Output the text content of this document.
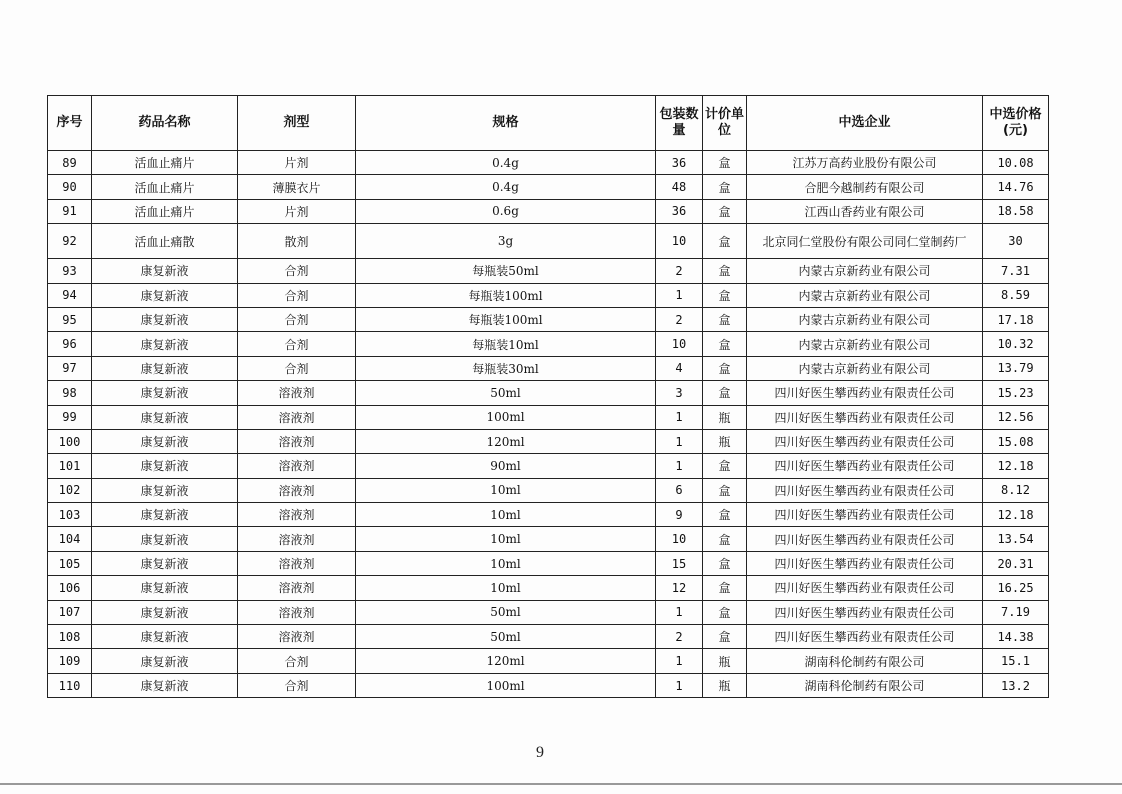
序号	药品名称	剂型	规格	包装数量	计价单位	中选企业	中选价格(元)

89	活血止痛片	片剂	0.4g	36	盒	江苏万高药业股份有限公司	10.08
90	活血止痛片	薄膜衣片	0.4g	48	盒	合肥今越制药有限公司	14.76
91	活血止痛片	片剂	0.6g	36	盒	江西山香药业有限公司	18.58
92	活血止痛散	散剂	3g	10	盒	北京同仁堂股份有限公司同仁堂制药厂	30
93	康复新液	合剂	每瓶装50ml	2	盒	内蒙古京新药业有限公司	7.31
94	康复新液	合剂	每瓶装100ml	1	盒	内蒙古京新药业有限公司	8.59
95	康复新液	合剂	每瓶装100ml	2	盒	内蒙古京新药业有限公司	17.18
96	康复新液	合剂	每瓶装10ml	10	盒	内蒙古京新药业有限公司	10.32
97	康复新液	合剂	每瓶装30ml	4	盒	内蒙古京新药业有限公司	13.79
98	康复新液	溶液剂	50ml	3	盒	四川好医生攀西药业有限责任公司	15.23
99	康复新液	溶液剂	100ml	1	瓶	四川好医生攀西药业有限责任公司	12.56
100	康复新液	溶液剂	120ml	1	瓶	四川好医生攀西药业有限责任公司	15.08
101	康复新液	溶液剂	90ml	1	盒	四川好医生攀西药业有限责任公司	12.18
102	康复新液	溶液剂	10ml	6	盒	四川好医生攀西药业有限责任公司	8.12
103	康复新液	溶液剂	10ml	9	盒	四川好医生攀西药业有限责任公司	12.18
104	康复新液	溶液剂	10ml	10	盒	四川好医生攀西药业有限责任公司	13.54
105	康复新液	溶液剂	10ml	15	盒	四川好医生攀西药业有限责任公司	20.31
106	康复新液	溶液剂	10ml	12	盒	四川好医生攀西药业有限责任公司	16.25
107	康复新液	溶液剂	50ml	1	盒	四川好医生攀西药业有限责任公司	7.19
108	康复新液	溶液剂	50ml	2	盒	四川好医生攀西药业有限责任公司	14.38
109	康复新液	合剂	120ml	1	瓶	湖南科伦制药有限公司	15.1
110	康复新液	合剂	100ml	1	瓶	湖南科伦制药有限公司	13.2
9
